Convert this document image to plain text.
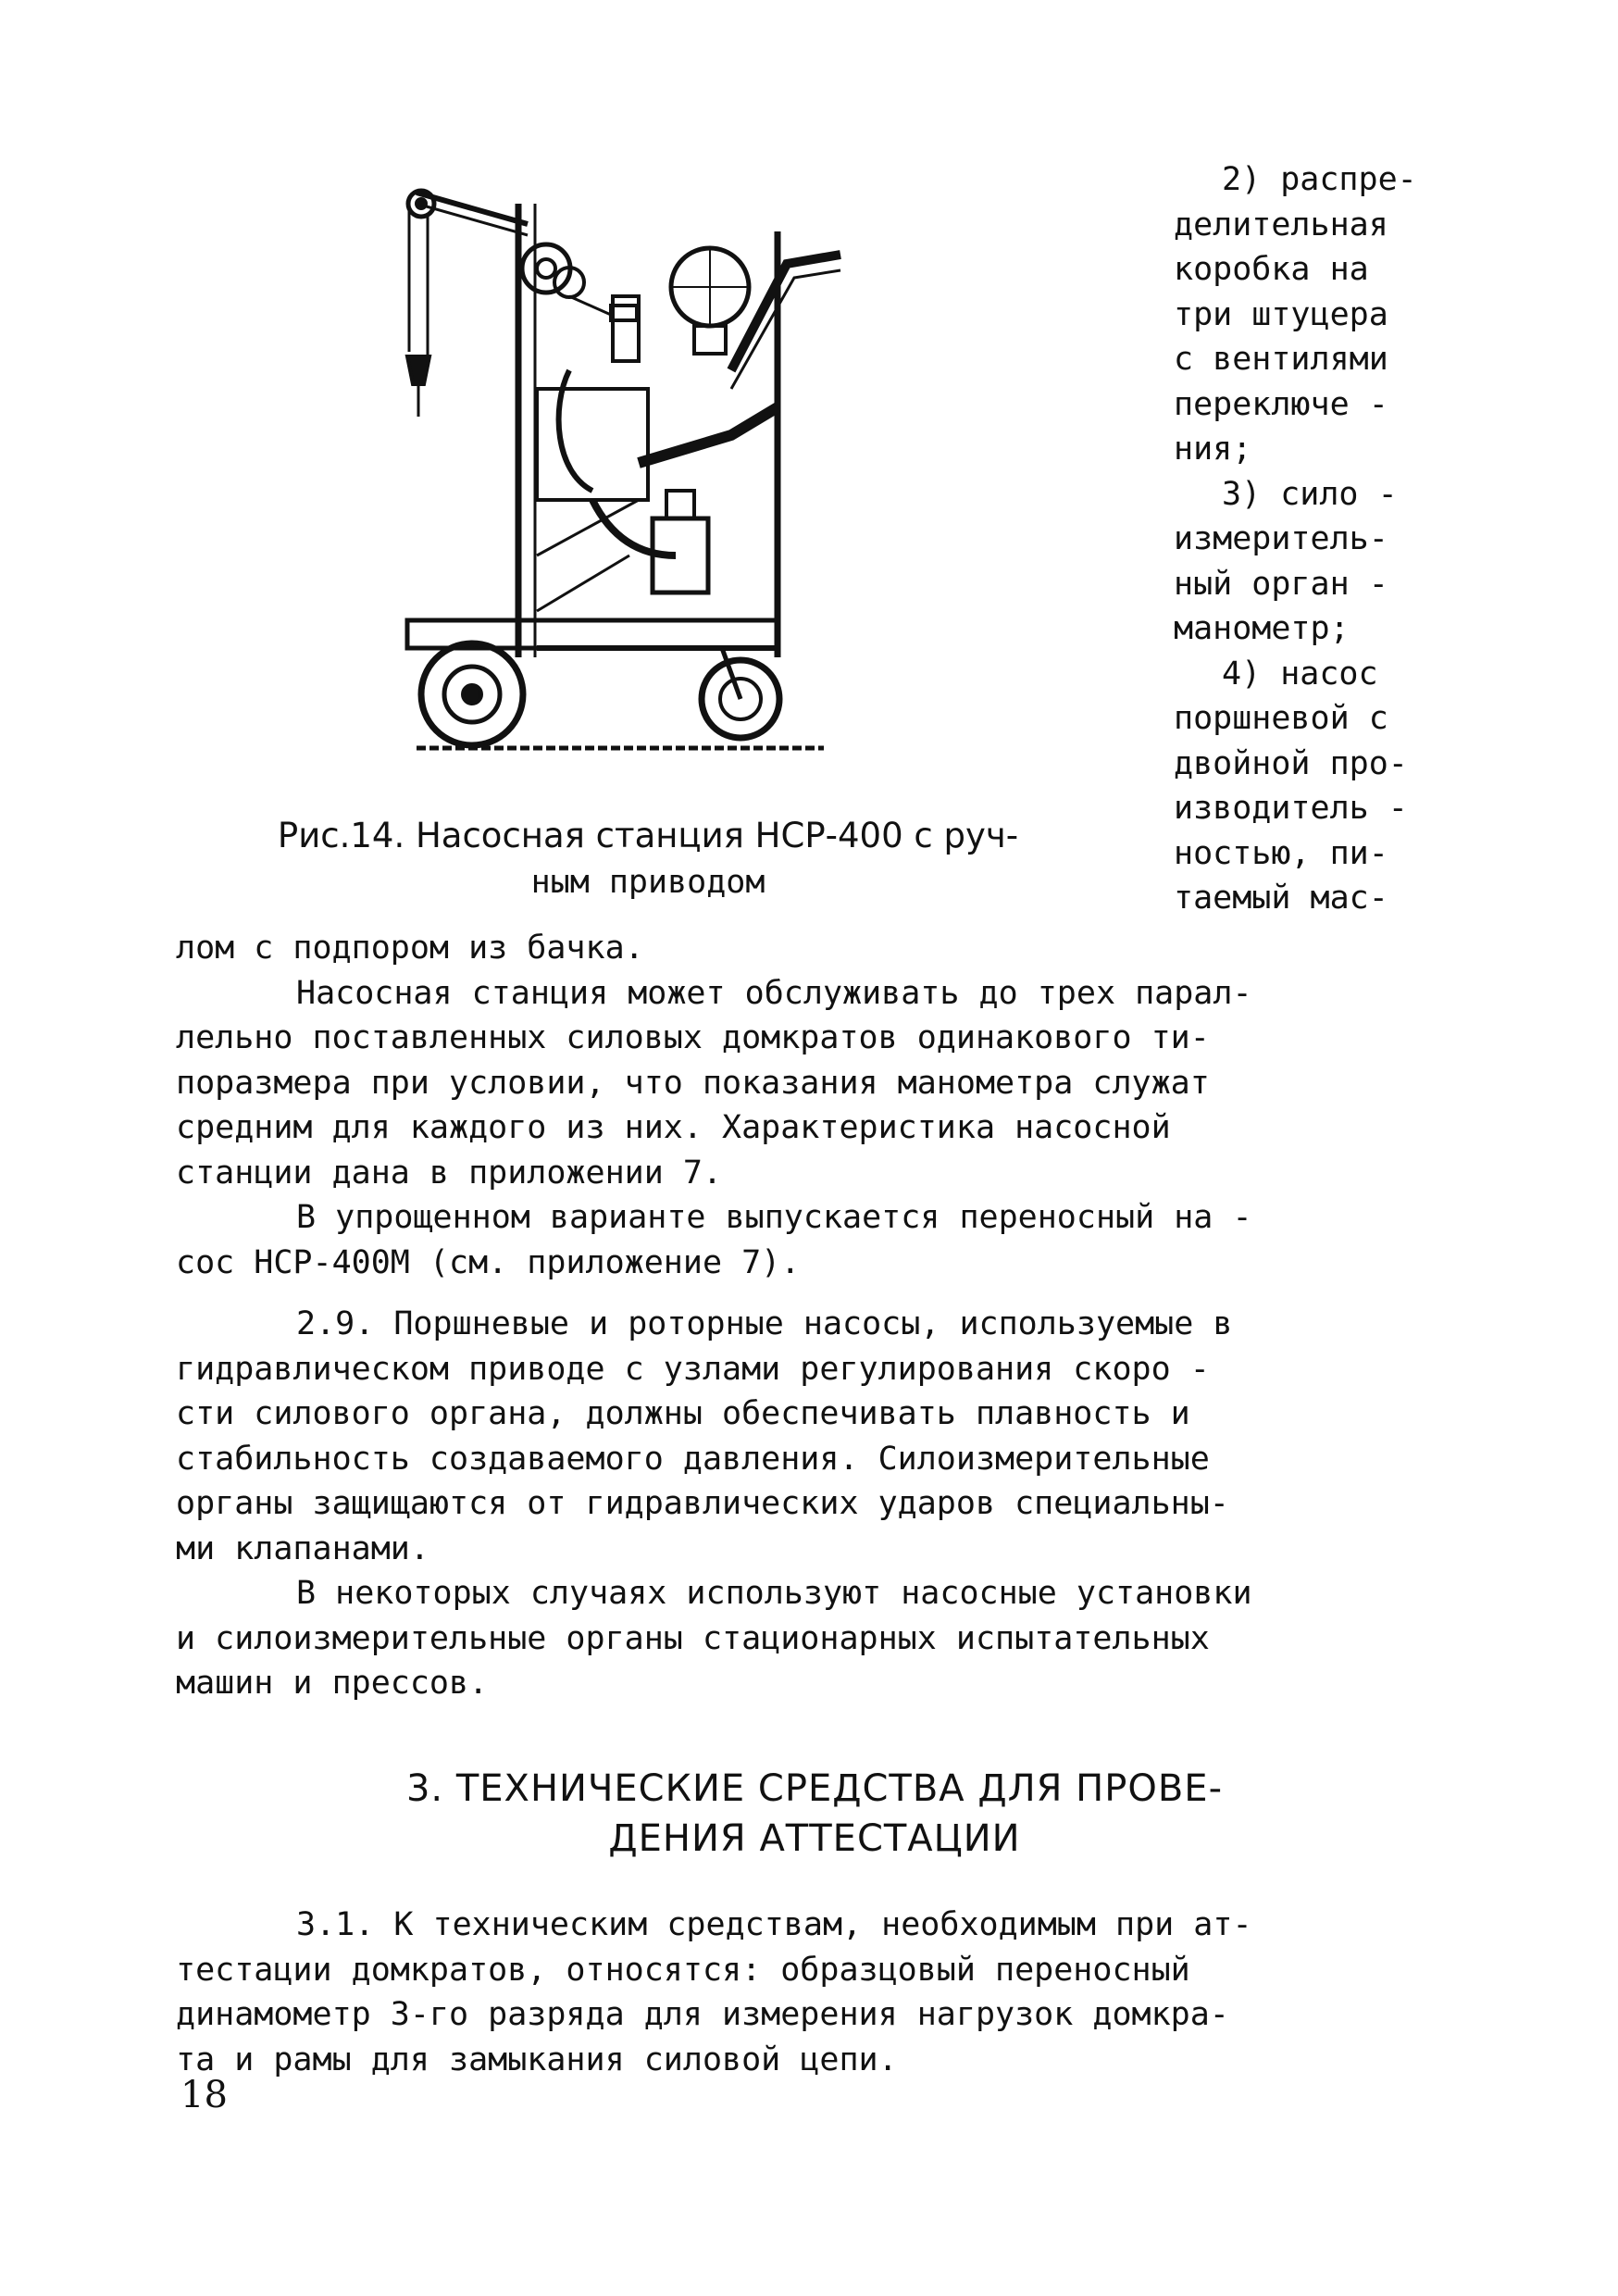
Рис.14. Насосная станция НСР-400 с руч-
ным приводом
2) распре-
делительная
коробка на
три штуцера
с вентилями
переключе -
ния;
3) сило -
измеритель-
ный орган -
манометр;
4) насос
поршневой с
двойной про-
изводитель -
ностью, пи-
таемый мас-
лом с подпором из бачка.
Насосная станция может обслуживать до трех парал-
лельно поставленных силовых домкратов одинакового ти-
поразмера при условии, что показания манометра служат
средним для каждого из них. Характеристика насосной
станции дана в приложении 7.
В упрощенном варианте выпускается переносный на -
сос НСР-400М (см. приложение 7).
2.9. Поршневые и роторные насосы, используемые в
гидравлическом приводе с узлами регулирования скоро -
сти силового органа, должны обеспечивать плавность и
стабильность создаваемого давления. Силоизмерительные
органы защищаются от гидравлических ударов специальны-
ми клапанами.
В некоторых случаях используют насосные установки
и силоизмерительные органы стационарных испытательных
машин и прессов.
3. ТЕХНИЧЕСКИЕ СРЕДСТВА ДЛЯ ПРОВЕ-
ДЕНИЯ АТТЕСТАЦИИ
3.1. К техническим средствам, необходимым при ат-
тестации домкратов, относятся: образцовый переносный
динамометр 3-го разряда для измерения нагрузок домкра-
та и рамы для замыкания силовой цепи.
18
